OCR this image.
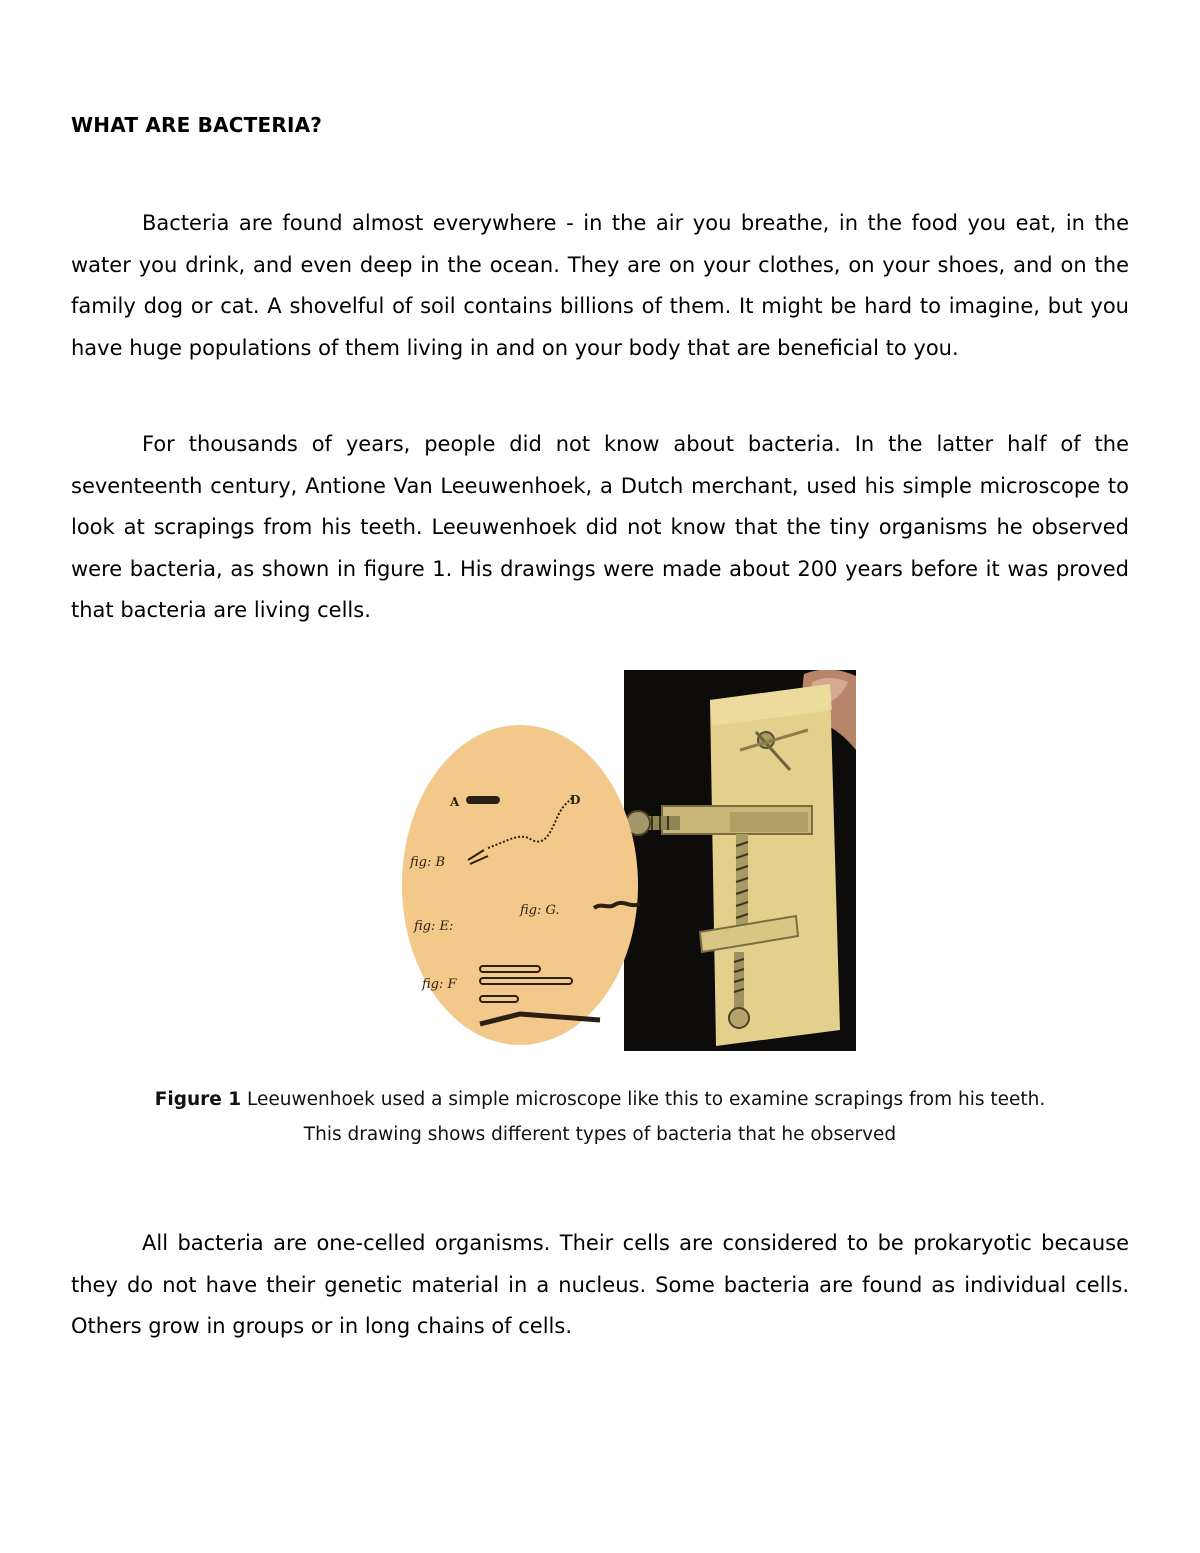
WHAT ARE BACTERIA?

Bacteria are found almost everywhere - in the air you breathe, in the food you eat, in the water you drink, and even deep in the ocean. They are on your clothes, on your shoes, and on the family dog or cat. A shovelful of soil contains billions of them. It might be hard to imagine, but you have huge populations of them living in and on your body that are beneficial to you.

For thousands of years, people did not know about bacteria. In the latter half of the seventeenth century, Antione Van Leeuwenhoek, a Dutch merchant, used his simple microscope to look at scrapings from his teeth. Leeuwenhoek did not know that the tiny organisms he observed were bacteria, as shown in figure 1. His drawings were made about 200 years before it was proved that bacteria are living cells.

A	D
fig: B
fig: E:
fig: G.
fig: F
Figure 1 Leeuwenhoek used a simple microscope like this to examine scrapings from his teeth.
This drawing shows different types of bacteria that he observed

All bacteria are one-celled organisms. Their cells are considered to be prokaryotic because they do not have their genetic material in a nucleus. Some bacteria are found as individual cells. Others grow in groups or in long chains of cells.
